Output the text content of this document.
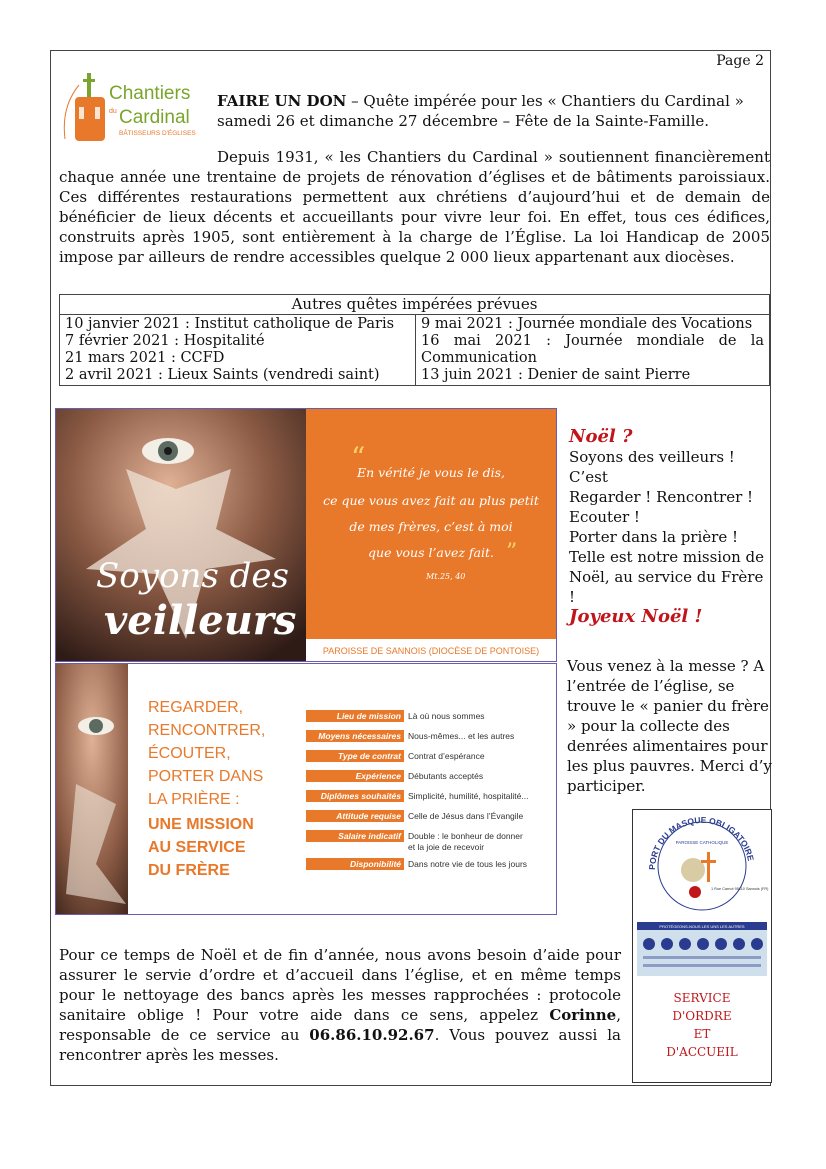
Page 2
Chantiers
du Cardinal
BÂTISSEURS D'ÉGLISES
FAIRE UN DON – Quête impérée pour les « Chantiers du Cardinal » samedi 26 et dimanche 27 décembre – Fête de la Sainte-Famille.
Depuis 1931, « les Chantiers du Cardinal » soutiennent financièrement chaque année une trentaine de projets de rénovation d’églises et de bâtiments paroissiaux. Ces différentes restaurations permettent aux chrétiens d’aujourd’hui et de demain de bénéficier de lieux décents et accueillants pour vivre leur foi. En effet, tous ces édifices, construits après 1905, sont entièrement à la charge de l’Église. La loi Handicap de 2005 impose par ailleurs de rendre accessibles quelque 2 000 lieux appartenant aux diocèses.
Autres quêtes impérées prévues

10 janvier 2021 : Institut catholique de Paris
7 février 2021 : Hospitalité
21 mars 2021 : CCFD
2 avril 2021 : Lieux Saints (vendredi saint)

9 mai 2021 : Journée mondiale des Vocations
16 mai 2021 : Journée mondiale de la Communication
13 juin 2021 : Denier de saint Pierre
Soyons des
veilleurs
PAROISSE DE SANNOIS (DIOCÈSE DE PONTOISE)
“
En vérité je vous le dis,
ce que vous avez fait au plus petit
de mes frères, c’est à moi
que vous l’avez fait. ”
Mt.25, 40
REGARDER,
RENCONTRER,
ÉCOUTER,
PORTER DANS
LA PRIÈRE :
UNE MISSION
AU SERVICE
DU FRÈRE
Lieu de mission Là où nous sommes
Moyens nécessaires Nous-mêmes... et les autres
Type de contrat Contrat d’espérance
Expérience Débutants acceptés
Diplômes souhaités Simplicité, humilité, hospitalité...
Attitude requise Celle de Jésus dans l’Évangile
Salaire indicatif Double : le bonheur de donner
et la joie de recevoir
Disponibilité Dans notre vie de tous les jours
Noël ?
Soyons des veilleurs !
C’est
Regarder ! Rencontrer !
Ecouter !
Porter dans la prière !
Telle est notre mission de Noël, au service du Frère !
Joyeux Noël !
Vous venez à la messe ? A l’entrée de l’église, se trouve le « panier du frère » pour la collecte des denrées alimentaires pour les plus pauvres. Merci d’y participer.
PORT DU MASQUE OBLIGATOIRE
PAROISSE CATHOLIQUE
1 Rue Carnot 95110 Sannois (FR)
PROTÉGEONS-NOUS LES UNS LES AUTRES
SERVICE
D'ORDRE
ET
D'ACCUEIL
Pour ce temps de Noël et de fin d’année, nous avons besoin d’aide pour assurer le servie d’ordre et d’accueil dans l’église, et en même temps pour le nettoyage des bancs après les messes rapprochées : protocole sanitaire oblige ! Pour votre aide dans ce sens, appelez Corinne, responsable de ce service au 06.86.10.92.67. Vous pouvez aussi la rencontrer après les messes.
